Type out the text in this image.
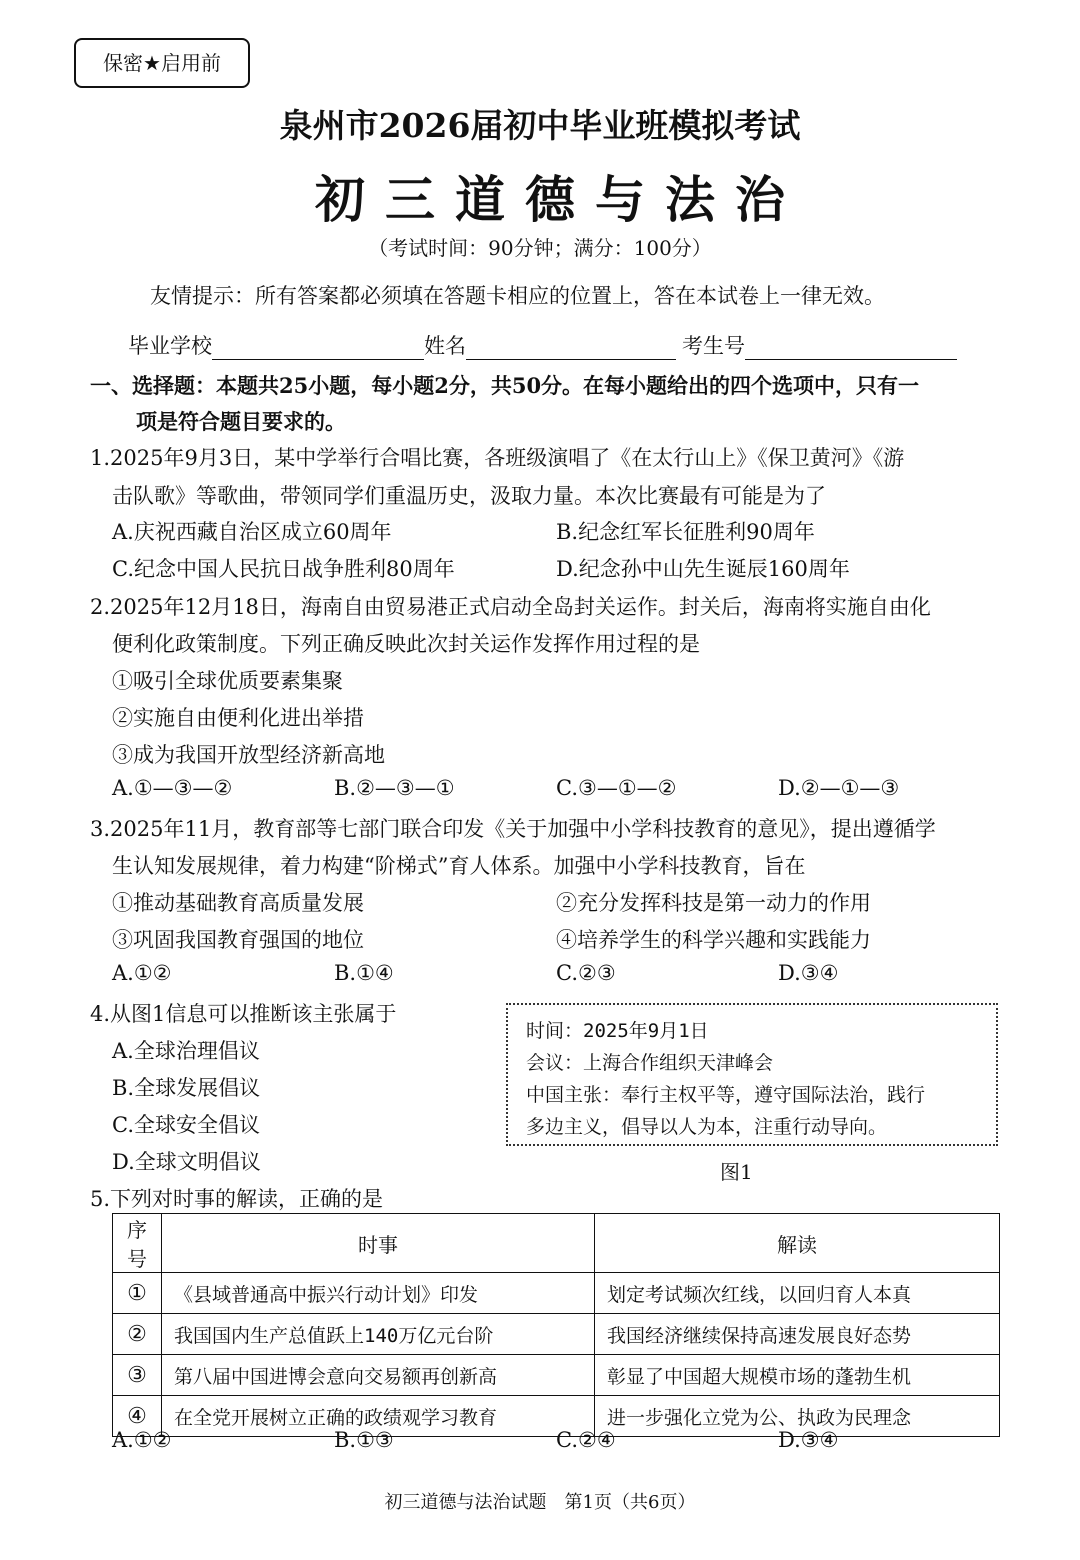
保密★启用前
泉州市2026届初中毕业班模拟考试
初三道德与法治
（考试时间：90分钟；满分：100分）
友情提示：所有答案都必须填在答题卡相应的位置上，答在本试卷上一律无效。
毕业学校	姓名	考生号
一、选择题：本题共25小题，每小题2分，共50分。在每小题给出的四个选项中，只有一
项是符合题目要求的。
1.2025年9月3日，某中学举行合唱比赛，各班级演唱了《在太行山上》《保卫黄河》《游
击队歌》等歌曲，带领同学们重温历史，汲取力量。本次比赛最有可能是为了
A.庆祝西藏自治区成立60周年	B.纪念红军长征胜利90周年
C.纪念中国人民抗日战争胜利80周年	D.纪念孙中山先生诞辰160周年
2.2025年12月18日，海南自由贸易港正式启动全岛封关运作。封关后，海南将实施自由化
便利化政策制度。下列正确反映此次封关运作发挥作用过程的是
①吸引全球优质要素集聚
②实施自由便利化进出举措
③成为我国开放型经济新高地
A.①—③—②	B.②—③—①	C.③—①—②	D.②—①—③
3.2025年11月，教育部等七部门联合印发《关于加强中小学科技教育的意见》，提出遵循学
生认知发展规律，着力构建“阶梯式”育人体系。加强中小学科技教育，旨在
①推动基础教育高质量发展	②充分发挥科技是第一动力的作用
③巩固我国教育强国的地位	④培养学生的科学兴趣和实践能力
A.①②	B.①④	C.②③	D.③④
4.从图1信息可以推断该主张属于
A.全球治理倡议
B.全球发展倡议
C.全球安全倡议
D.全球文明倡议
时间：2025年9月1日
会议：上海合作组织天津峰会
中国主张：奉行主权平等，遵守国际法治，践行
多边主义，倡导以人为本，注重行动导向。
图1
5.下列对时事的解读，正确的是
序号	时事	解读
①	《县域普通高中振兴行动计划》印发	划定考试频次红线，以回归育人本真
②	我国国内生产总值跃上140万亿元台阶	我国经济继续保持高速发展良好态势
③	第八届中国进博会意向交易额再创新高	彰显了中国超大规模市场的蓬勃生机
④	在全党开展树立正确的政绩观学习教育	进一步强化立党为公、执政为民理念
A.①②	B.①③	C.②④	D.③④
初三道德与法治试题　第1页（共6页）
